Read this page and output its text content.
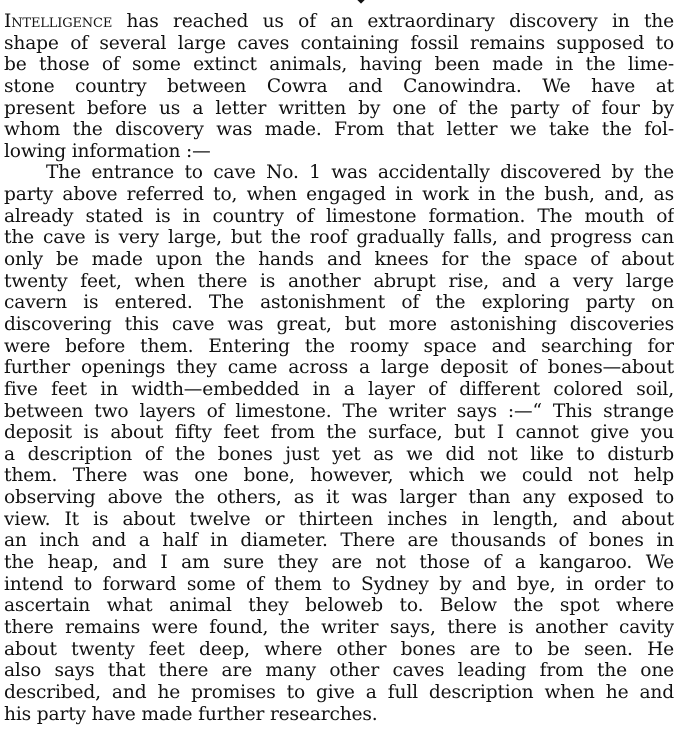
Intelligence has reached us of an extraordinary discovery in the
shape of several large caves containing fossil remains supposed to
be those of some extinct animals, having been made in the lime-
stone country between Cowra and Canowindra. We have at
present before us a letter written by one of the party of four by
whom the discovery was made. From that letter we take the fol-
lowing information :—
The entrance to cave No. 1 was accidentally discovered by the
party above referred to, when engaged in work in the bush, and, as
already stated is in country of limestone formation. The mouth of
the cave is very large, but the roof gradually falls, and progress can
only be made upon the hands and knees for the space of about
twenty feet, when there is another abrupt rise, and a very large
cavern is entered. The astonishment of the exploring party on
discovering this cave was great, but more astonishing discoveries
were before them. Entering the roomy space and searching for
further openings they came across a large deposit of bones—about
five feet in width—embedded in a layer of different colored soil,
between two layers of limestone. The writer says :—“ This strange
deposit is about fifty feet from the surface, but I cannot give you
a description of the bones just yet as we did not like to disturb
them. There was one bone, however, which we could not help
observing above the others, as it was larger than any exposed to
view. It is about twelve or thirteen inches in length, and about
an inch and a half in diameter. There are thousands of bones in
the heap, and I am sure they are not those of a kangaroo. We
intend to forward some of them to Sydney by and bye, in order to
ascertain what animal they beloweb to. Below the spot where
there remains were found, the writer says, there is another cavity
about twenty feet deep, where other bones are to be seen. He
also says that there are many other caves leading from the one
described, and he promises to give a full description when he and
his party have made further researches.
